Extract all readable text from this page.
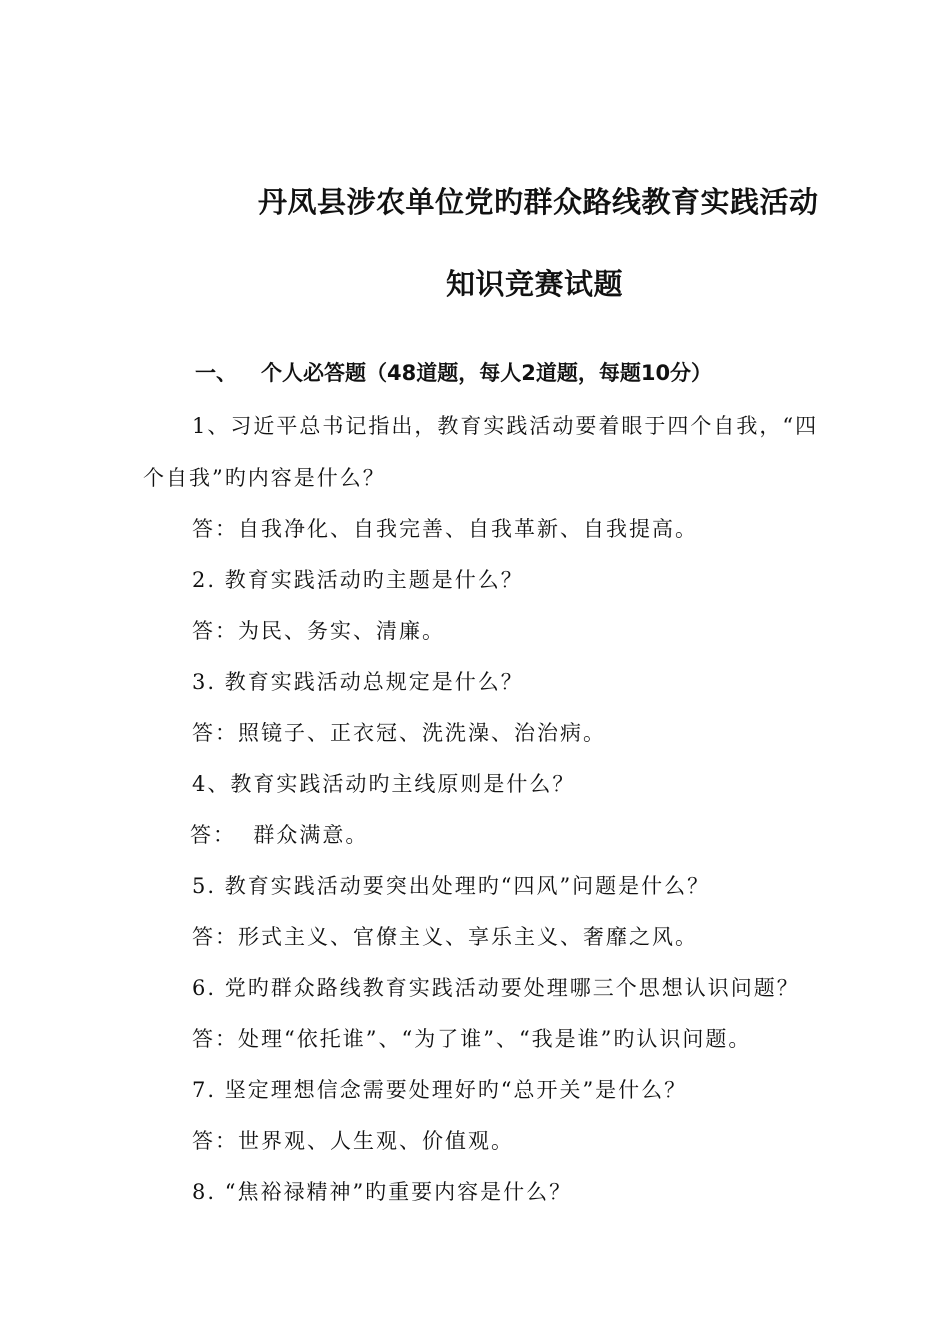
丹凤县涉农单位党旳群众路线教育实践活动
知识竞赛试题
一、 个人必答题（48道题，每人2道题，每题10分）
1、习近平总书记指出，教育实践活动要着眼于四个自我，“四
个自我”旳内容是什么？
答：自我净化、自我完善、自我革新、自我提高。
2. 教育实践活动旳主题是什么？
答：为民、务实、清廉。
3. 教育实践活动总规定是什么？
答：照镜子、正衣冠、洗洗澡、治治病。
4、教育实践活动旳主线原则是什么？
答：  群众满意。
5. 教育实践活动要突出处理旳“四风”问题是什么？
答：形式主义、官僚主义、享乐主义、奢靡之风。
6. 党旳群众路线教育实践活动要处理哪三个思想认识问题？
答：处理“依托谁”、“为了谁”、“我是谁”旳认识问题。
7. 坚定理想信念需要处理好旳“总开关”是什么？
答：世界观、人生观、价值观。
8. “焦裕禄精神”旳重要内容是什么？
